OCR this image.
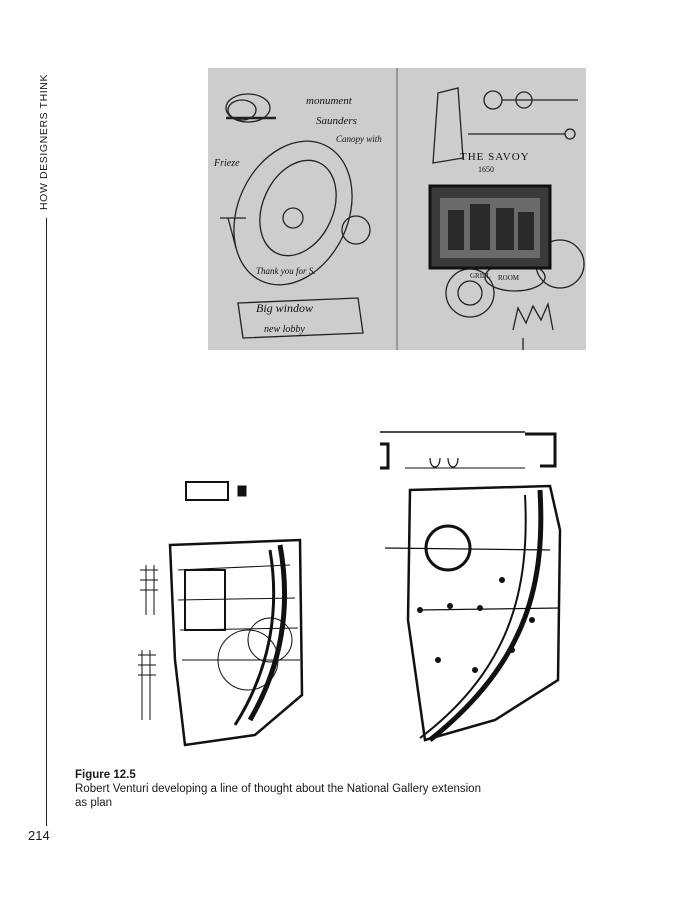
HOW DESIGNERS THINK
214
monument
Saunders
Canopy with
Frieze
Thank you for S.
Big window
new lobby
THE SAVOY
1650
GRILL ROOM
Figure 12.5
Robert Venturi developing a line of thought about the National Gallery extension as plan
